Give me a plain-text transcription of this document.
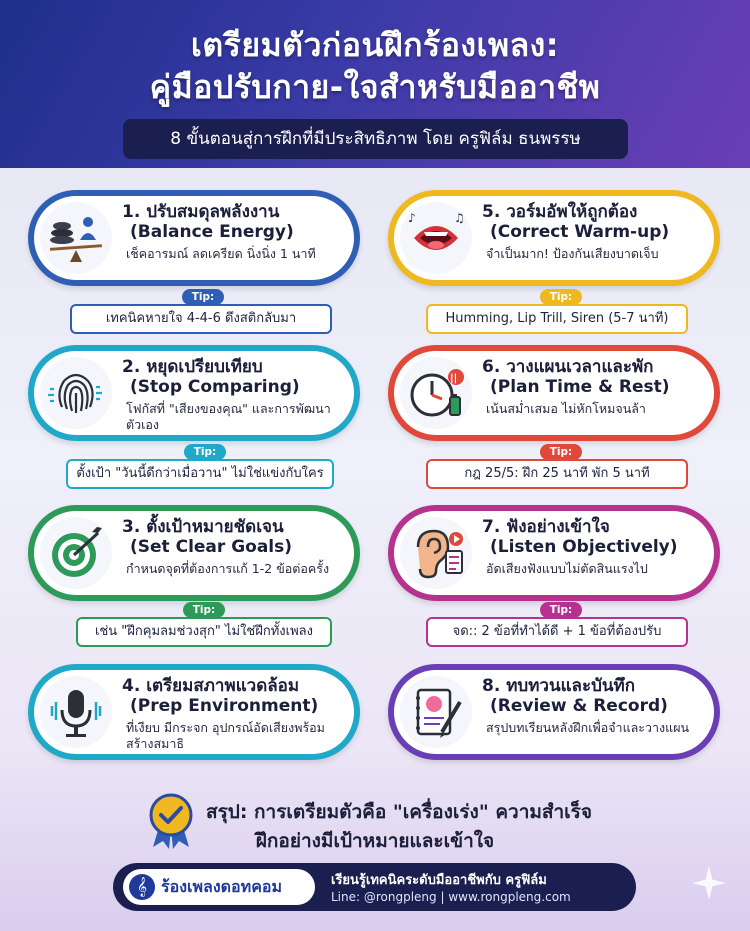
เตรียมตัวก่อนฝึกร้องเพลง:
คู่มือปรับกาย-ใจสำหรับมืออาชีพ
8 ขั้นตอนสู่การฝึกที่มีประสิทธิภาพ โดย ครูฟิล์ม ธนพรรษ
1. ปรับสมดุลพลังงาน
(Balance Energy)
เช็คอารมณ์ ลดเครียด นิ่งนิ่ง 1 นาที
Tip:
เทคนิคหายใจ 4-4-6 ดึงสติกลับมา
2. หยุดเปรียบเทียบ
(Stop Comparing)
โฟกัสที่ "เสียงของคุณ" และการพัฒนาตัวเอง
Tip:
ตั้งเป้า "วันนี้ดีกว่าเมื่อวาน" ไม่ใช่แข่งกับใคร
3. ตั้งเป้าหมายชัดเจน
(Set Clear Goals)
กำหนดจุดที่ต้องการแก้ 1-2 ข้อต่อครั้ง
Tip:
เช่น "ฝึกคุมลมช่วงสุก" ไม่ใช่ฝึกทั้งเพลง
4. เตรียมสภาพแวดล้อม
(Prep Environment)
ที่เงียบ มีกระจก อุปกรณ์อัดเสียงพร้อม สร้างสมาธิ
♪	♫ 5. วอร์มอัพให้ถูกต้อง
(Correct Warm-up)
จำเป็นมาก! ป้องกันเสียงบาดเจ็บ
Tip:
Humming, Lip Trill, Siren (5-7 นาที)
||
6. วางแผนเวลาและพัก
(Plan Time & Rest)
เน้นสม่ำเสมอ ไม่หักโหมจนล้า
Tip:
กฎ 25/5: ฝึก 25 นาที พัก 5 นาที
7. ฟังอย่างเข้าใจ
(Listen Objectively)
อัดเสียงฟังแบบไม่ตัดสินแรงไป
Tip:
จด:: 2 ข้อที่ทำได้ดี + 1 ข้อที่ต้องปรับ
8. ทบทวนและบันทึก
(Review & Record)
สรุปบทเรียนหลังฝึกเพื่อจำและวางแผน
สรุป: การเตรียมตัวคือ "เครื่องเร่ง" ความสำเร็จ
ฝึกอย่างมีเป้าหมายและเข้าใจ
𝄞 ร้องเพลงดอทคอม	เรียนรู้เทคนิคระดับมืออาชีพกับ ครูฟิล์ม
Line: @rongpleng | www.rongpleng.com
